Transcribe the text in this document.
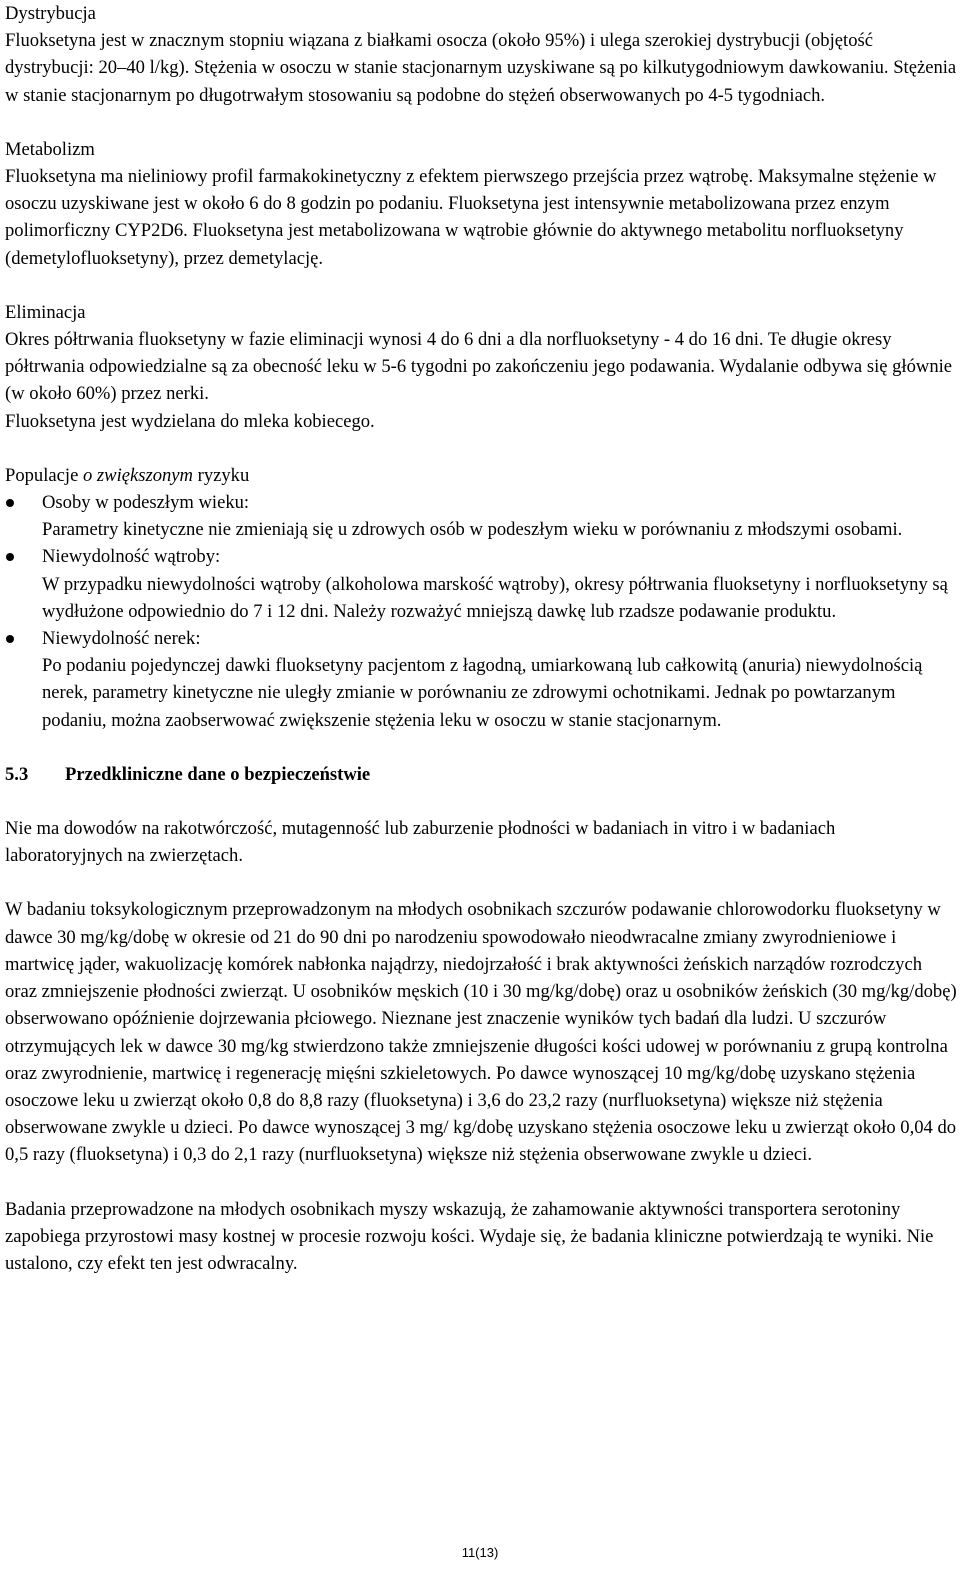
Dystrybucja

Fluoksetyna jest w znacznym stopniu wiązana z białkami osocza (około 95%) i ulega szerokiej dystrybucji (objętość dystrybucji: 20–40 l/kg). Stężenia w osoczu w stanie stacjonarnym uzyskiwane są po kilkutygodniowym dawkowaniu. Stężenia w stanie stacjonarnym po długotrwałym stosowaniu są podobne do stężeń obserwowanych po 4-5 tygodniach.

Metabolizm

Fluoksetyna ma nieliniowy profil farmakokinetyczny z efektem pierwszego przejścia przez wątrobę. Maksymalne stężenie w osoczu uzyskiwane jest w około 6 do 8 godzin po podaniu. Fluoksetyna jest intensywnie metabolizowana przez enzym polimorficzny CYP2D6. Fluoksetyna jest metabolizowana w wątrobie głównie do aktywnego metabolitu norfluoksetyny (demetylofluoksetyny), przez demetylację.

Eliminacja

Okres półtrwania fluoksetyny w fazie eliminacji wynosi 4 do 6 dni a dla norfluoksetyny - 4 do 16 dni. Te długie okresy półtrwania odpowiedzialne są za obecność leku w 5-6 tygodni po zakończeniu jego podawania. Wydalanie odbywa się głównie (w około 60%) przez nerki.

Fluoksetyna jest wydzielana do mleka kobiecego.

Populacje o zwiększonym ryzyku

Osoby w podeszłym wieku:
Parametry kinetyczne nie zmieniają się u zdrowych osób w podeszłym wieku w porównaniu z młodszymi osobami.
Niewydolność wątroby:
W przypadku niewydolności wątroby (alkoholowa marskość wątroby), okresy półtrwania fluoksetyny i norfluoksetyny są wydłużone odpowiednio do 7 i 12 dni. Należy rozważyć mniejszą dawkę lub rzadsze podawanie produktu.
Niewydolność nerek:
Po podaniu pojedynczej dawki fluoksetyny pacjentom z łagodną, umiarkowaną lub całkowitą (anuria) niewydolnością nerek, parametry kinetyczne nie uległy zmianie w porównaniu ze zdrowymi ochotnikami. Jednak po powtarzanym podaniu, można zaobserwować zwiększenie stężenia leku w osoczu w stanie stacjonarnym.

5.3	Przedkliniczne dane o bezpieczeństwie

Nie ma dowodów na rakotwórczość, mutagenność lub zaburzenie płodności w badaniach in vitro i w badaniach laboratoryjnych na zwierzętach.

W badaniu toksykologicznym przeprowadzonym na młodych osobnikach szczurów podawanie chlorowodorku fluoksetyny w dawce 30 mg/kg/dobę w okresie od 21 do 90 dni po narodzeniu spowodowało nieodwracalne zmiany zwyrodnieniowe i martwicę jąder, wakuolizację komórek nabłonka najądrzy, niedojrzałość i brak aktywności żeńskich narządów rozrodczych oraz zmniejszenie płodności zwierząt. U osobników męskich (10 i 30 mg/kg/dobę) oraz u osobników żeńskich (30 mg/kg/dobę) obserwowano opóźnienie dojrzewania płciowego. Nieznane jest znaczenie wyników tych badań dla ludzi. U szczurów otrzymujących lek w dawce 30 mg/kg stwierdzono także zmniejszenie długości kości udowej w porównaniu z grupą kontrolna oraz zwyrodnienie, martwicę i regenerację mięśni szkieletowych. Po dawce wynoszącej 10 mg/kg/dobę uzyskano stężenia osoczowe leku u zwierząt około 0,8 do 8,8 razy (fluoksetyna) i 3,6 do 23,2 razy (nurfluoksetyna) większe niż stężenia obserwowane zwykle u dzieci. Po dawce wynoszącej 3 mg/ kg/dobę uzyskano stężenia osoczowe leku u zwierząt około 0,04 do 0,5 razy (fluoksetyna) i 0,3 do 2,1 razy (nurfluoksetyna) większe niż stężenia obserwowane zwykle u dzieci.

Badania przeprowadzone na młodych osobnikach myszy wskazują, że zahamowanie aktywności transportera serotoniny zapobiega przyrostowi masy kostnej w procesie rozwoju kości. Wydaje się, że badania kliniczne potwierdzają te wyniki. Nie ustalono, czy efekt ten jest odwracalny.

11(13)
